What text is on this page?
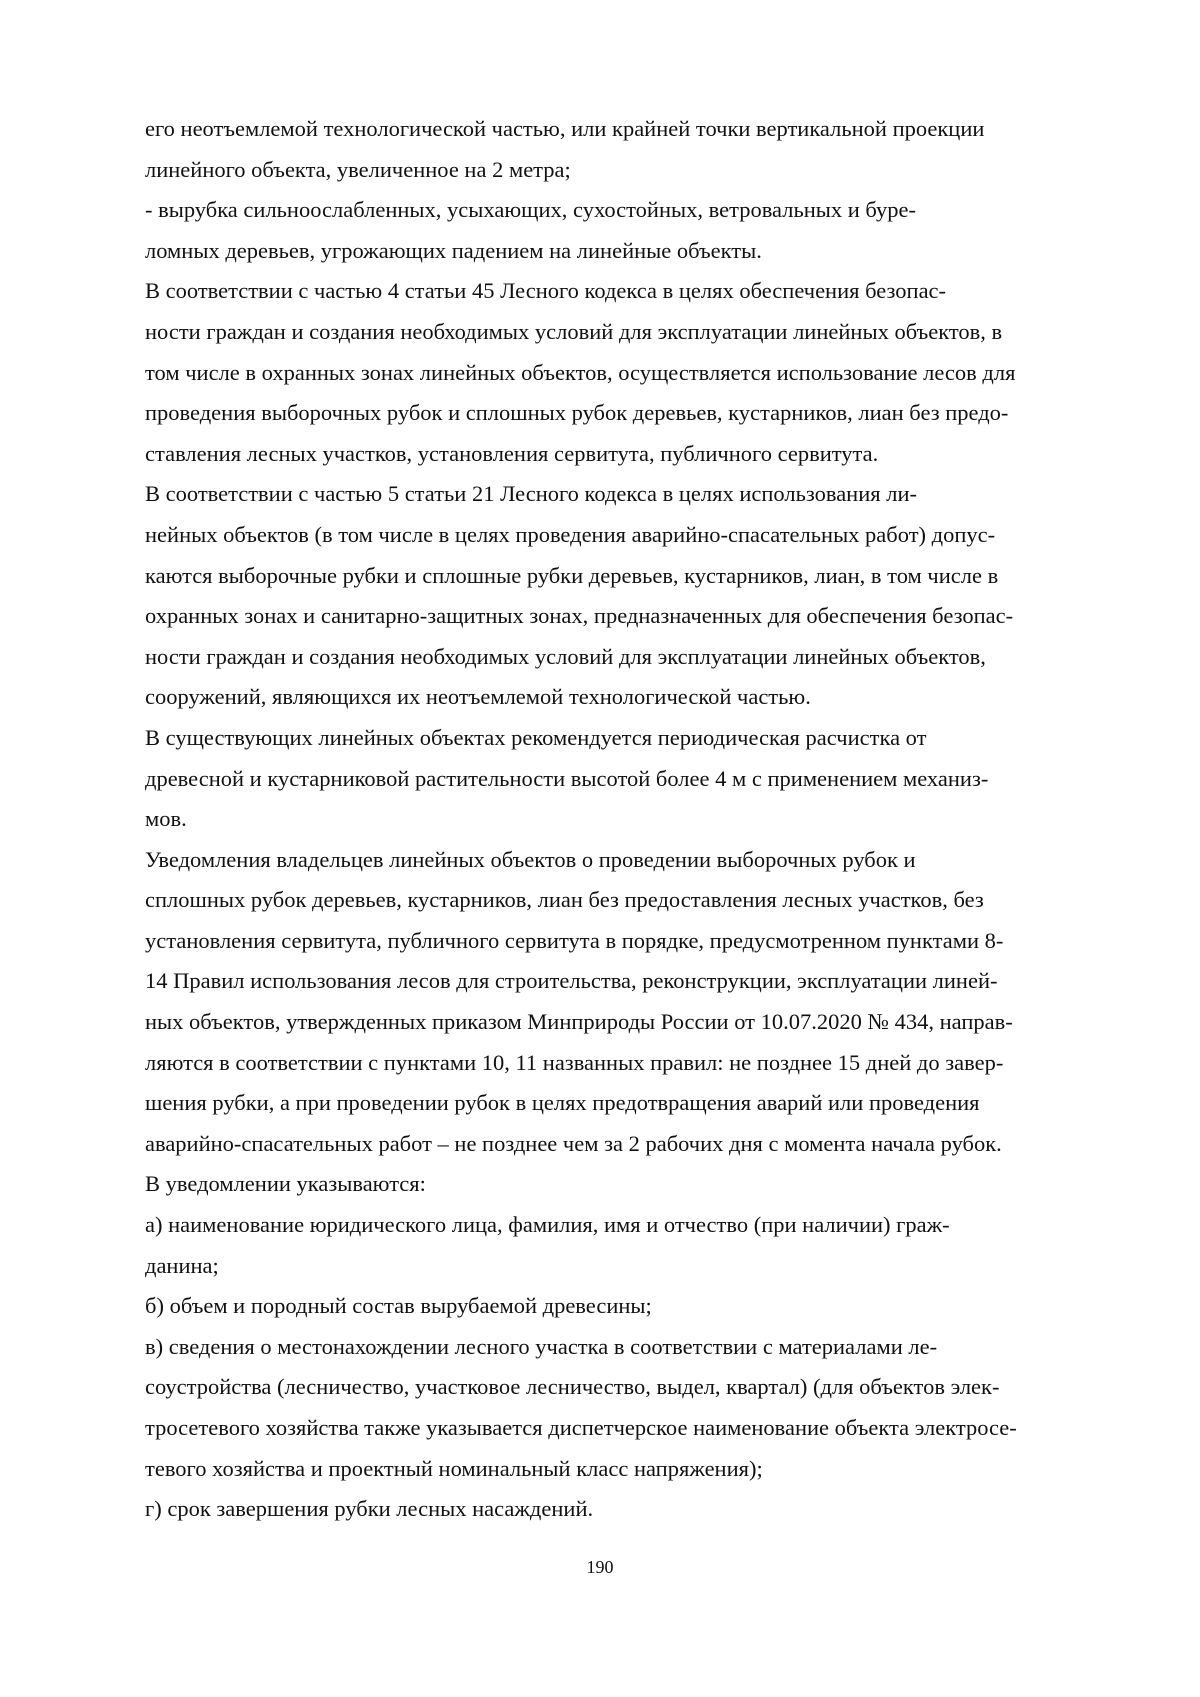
его неотъемлемой технологической частью, или крайней точки вертикальной проекции
линейного объекта, увеличенное на 2 метра;

- вырубка сильноослабленных, усыхающих, сухостойных, ветровальных и буре-
ломных деревьев, угрожающих падением на линейные объекты.

В соответствии с частью 4 статьи 45 Лесного кодекса в целях обеспечения безопас-
ности граждан и создания необходимых условий для эксплуатации линейных объектов, в
том числе в охранных зонах линейных объектов, осуществляется использование лесов для
проведения выборочных рубок и сплошных рубок деревьев, кустарников, лиан без предо-
ставления лесных участков, установления сервитута, публичного сервитута.

В соответствии с частью 5 статьи 21 Лесного кодекса в целях использования ли-
нейных объектов (в том числе в целях проведения аварийно-спасательных работ) допус-
каются выборочные рубки и сплошные рубки деревьев, кустарников, лиан, в том числе в
охранных зонах и санитарно-защитных зонах, предназначенных для обеспечения безопас-
ности граждан и создания необходимых условий для эксплуатации линейных объектов,
сооружений, являющихся их неотъемлемой технологической частью.

В существующих линейных объектах рекомендуется периодическая расчистка от
древесной и кустарниковой растительности высотой более 4 м с применением механиз-
мов.

Уведомления владельцев линейных объектов о проведении выборочных рубок и
сплошных рубок деревьев, кустарников, лиан без предоставления лесных участков, без
установления сервитута, публичного сервитута в порядке, предусмотренном пунктами 8-
14 Правил использования лесов для строительства, реконструкции, эксплуатации линей-
ных объектов, утвержденных приказом Минприроды России от 10.07.2020 № 434, направ-
ляются в соответствии с пунктами 10, 11 названных правил: не позднее 15 дней до завер-
шения рубки, а при проведении рубок в целях предотвращения аварий или проведения
аварийно-спасательных работ – не позднее чем за 2 рабочих дня с момента начала рубок.

В уведомлении указываются:

а) наименование юридического лица, фамилия, имя и отчество (при наличии) граж-
данина;

б) объем и породный состав вырубаемой древесины;

в) сведения о местонахождении лесного участка в соответствии с материалами ле-
соустройства (лесничество, участковое лесничество, выдел, квартал) (для объектов элек-
тросетевого хозяйства также указывается диспетчерское наименование объекта электросе-
тевого хозяйства и проектный номинальный класс напряжения);

г) срок завершения рубки лесных насаждений.

190
